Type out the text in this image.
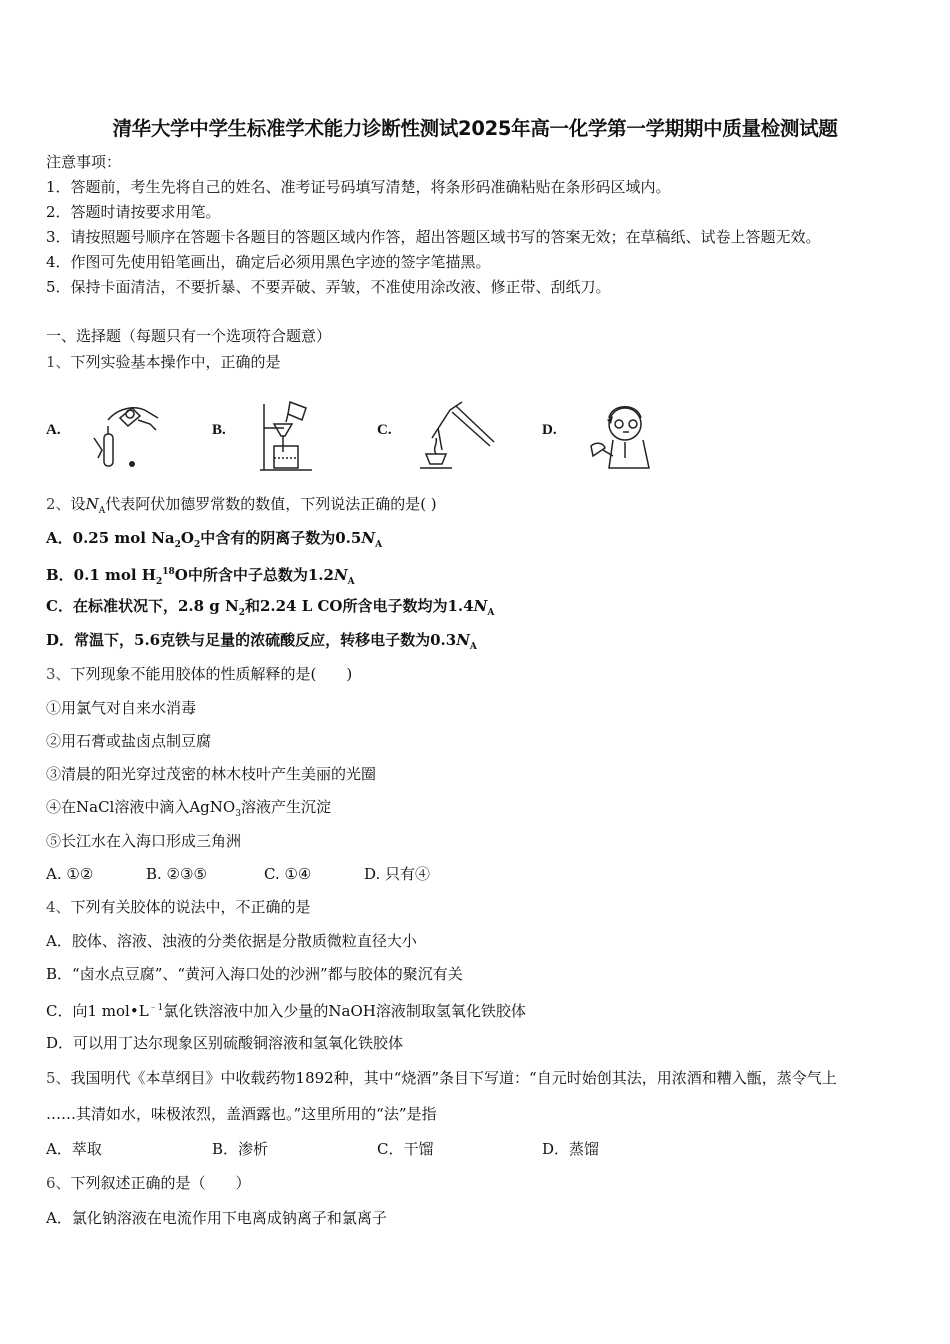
清华大学中学生标准学术能力诊断性测试2025年高一化学第一学期期中质量检测试题
注意事项：
1．答题前，考生先将自己的姓名、准考证号码填写清楚，将条形码准确粘贴在条形码区域内。
2．答题时请按要求用笔。
3．请按照题号顺序在答题卡各题目的答题区域内作答，超出答题区域书写的答案无效；在草稿纸、试卷上答题无效。
4．作图可先使用铅笔画出，确定后必须用黑色字迹的签字笔描黑。
5．保持卡面清洁，不要折暴、不要弄破、弄皱，不准使用涂改液、修正带、刮纸刀。
一、选择题（每题只有一个选项符合题意）
1、下列实验基本操作中，正确的是
A.	B.	C.	D.
2、设$N_A$代表阿伏加德罗常数的数值，下列说法正确的是( )
A．0.25 mol $Na_2O_2$中含有的阴离子数为$0.5N_A$
B．0.1 mol $H_2^{18}O$中所含中子总数为$1.2N_A$
C．在标准状况下，2.8 g $N_2$和2.24 L CO所含电子数均为$1.4N_A$
D．常温下，5.6克铁与足量的浓硫酸反应，转移电子数为$0.3N_A$
3、下列现象不能用胶体的性质解释的是(　　)
①用氯气对自来水消毒
②用石膏或盐卤点制豆腐
③清晨的阳光穿过茂密的林木枝叶产生美丽的光圈
④在NaCl溶液中滴入AgNO$_3$溶液产生沉淀
⑤长江水在入海口形成三角洲
A. ①②	B. ②③⑤	C. ①④	D. 只有④
4、下列有关胶体的说法中，不正确的是
A．胶体、溶液、浊液的分类依据是分散质微粒直径大小
B．“卤水点豆腐”、“黄河入海口处的沙洲”都与胶体的聚沉有关
C．向1 $mol•L^{﹣1}$氯化铁溶液中加入少量的NaOH溶液制取氢氧化铁胶体
D．可以用丁达尔现象区别硫酸铜溶液和氢氧化铁胶体
5、我国明代《本草纲目》中收载药物1892种，其中“烧酒”条目下写道：“自元时始创其法，用浓酒和糟入甑，蒸令气上
……其清如水，味极浓烈，盖酒露也。”这里所用的“法”是指
A．萃取	B．渗析	C．干馏	D．蒸馏
6、下列叙述正确的是（　　）
A．氯化钠溶液在电流作用下电离成钠离子和氯离子
